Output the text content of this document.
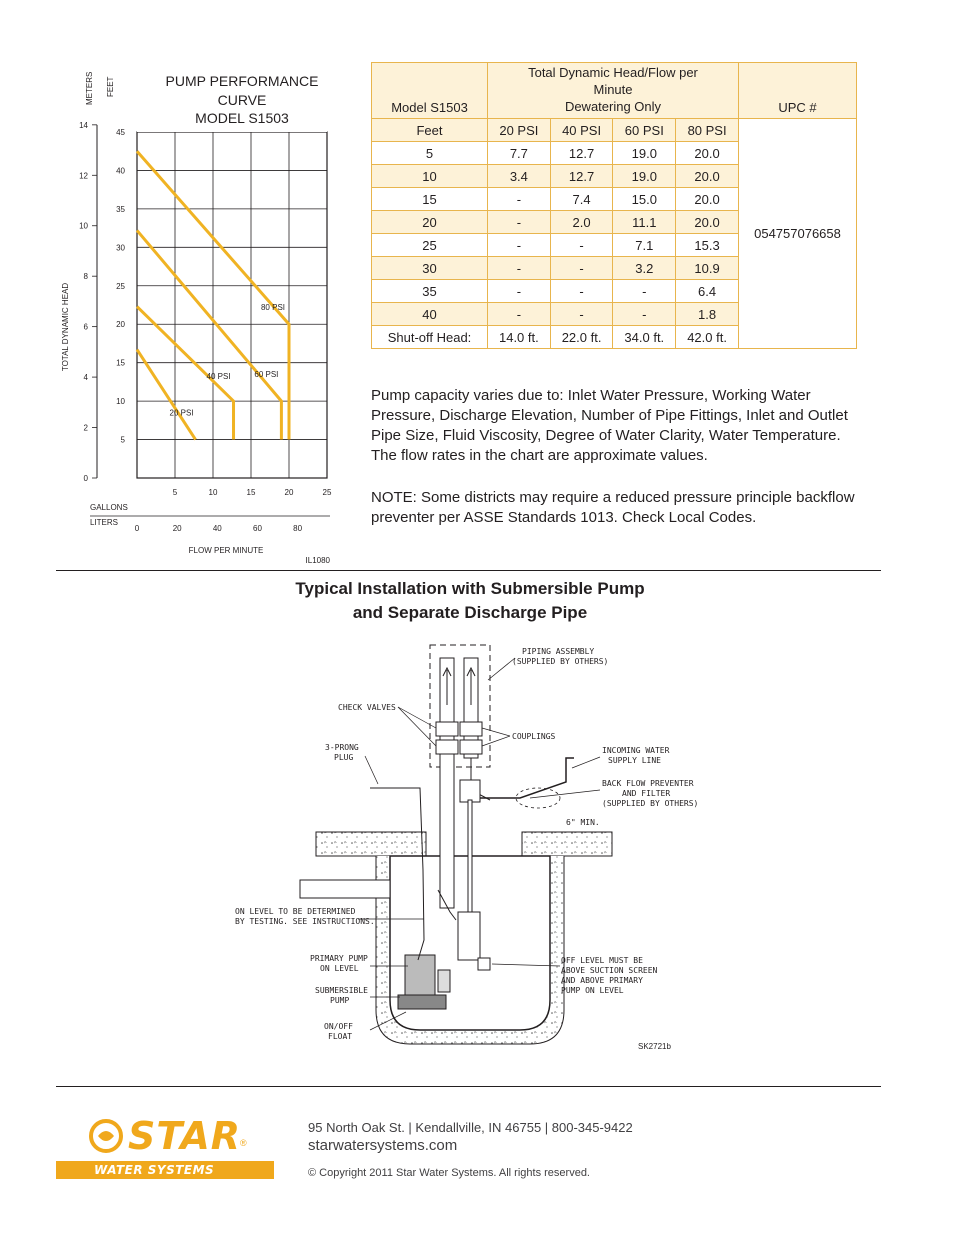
20 PSI
40 PSI	60 PSI
80 PSI
5
10
15
20
25
30
35
40
45
0
2
4
6
8
10
12
14
5	10	15	20	25
0	20	40	60	80
PUMP PERFORMANCE
CURVE
MODEL S1503
METERS FEET
TOTAL DYNAMIC HEAD
GALLONS
LITERS
FLOW PER MINUTE
IL1080
Model S1503	Total Dynamic Head/Flow per
Minute
Dewatering Only				UPC #
Feet	20 PSI	40 PSI	60 PSI	80 PSI	054757076658
5	7.7	12.7	19.0	20.0	
10	3.4	12.7	19.0	20.0	
15	-	7.4	15.0	20.0	
20	-	2.0	11.1	20.0	
25	-	-	7.1	15.3	
30	-	-	3.2	10.9	
35	-	-	-	6.4	
40	-	-	-	1.8	
Shut-off Head:	14.0 ft.	22.0 ft.	34.0 ft.	42.0 ft.	
Pump capacity varies due to: Inlet Water Pressure, Working Water Pressure, Discharge Elevation, Number of Pipe Fittings, Inlet and Outlet Pipe Size, Fluid Viscosity, Degree of Water Clarity, Water Temperature. The flow rates in the chart are approximate values.
NOTE: Some districts may require a reduced pressure principle backflow preventer per ASSE Standards 1013. Check Local Codes.
Typical Installation with Submersible Pump
and Separate Discharge Pipe
PIPING ASSEMBLY
(SUPPLIED BY OTHERS)
CHECK VALVES
COUPLINGS
3-PRONG
PLUG
INCOMING WATER
SUPPLY LINE
BACK FLOW PREVENTER
AND FILTER
(SUPPLIED BY OTHERS)
6" MIN.
ON LEVEL TO BE DETERMINED
BY TESTING. SEE INSTRUCTIONS.
PRIMARY PUMP
ON LEVEL
OFF LEVEL MUST BE
ABOVE SUCTION SCREEN
AND ABOVE PRIMARY
PUMP ON LEVEL
SUBMERSIBLE
PUMP
ON/OFF
FLOAT
SK2721b
STAR
®
WATER SYSTEMS
95 North Oak St. | Kendallville, IN 46755 | 800-345-9422
starwatersystems.com
© Copyright 2011 Star Water Systems. All rights reserved.
